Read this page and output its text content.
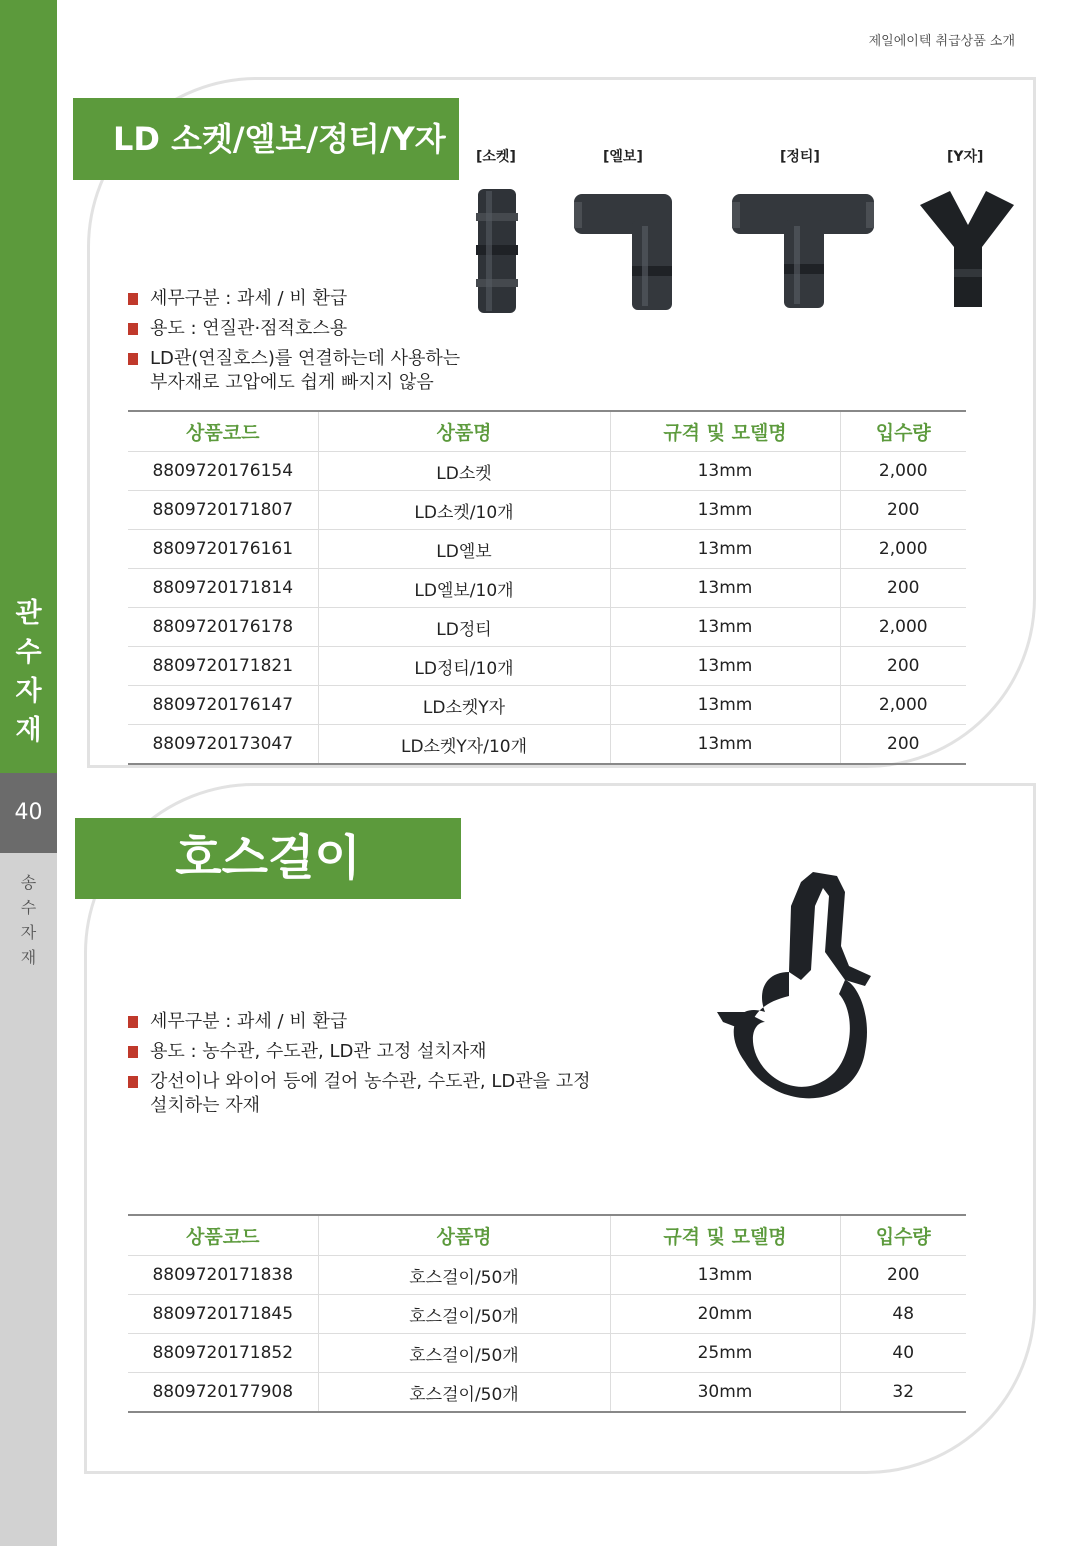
관
수
자
재
40
송
수
자
재
제일에이텍 취급상품 소개
LD 소켓/엘보/정티/Y자	[소켓]	[엘보]	[정티]	[Y자]
세무구분 : 과세 / 비 환급
용도 : 연질관·점적호스용
LD관(연질호스)를 연결하는데 사용하는
부자재로 고압에도 쉽게 빠지지 않음
상품코드	상품명	규격 및 모델명	입수량
8809720176154	LD소켓	13mm	2,000
8809720171807	LD소켓/10개	13mm	200
8809720176161	LD엘보	13mm	2,000
8809720171814	LD엘보/10개	13mm	200
8809720176178	LD정티	13mm	2,000
8809720171821	LD정티/10개	13mm	200
8809720176147	LD소켓Y자	13mm	2,000
8809720173047	LD소켓Y자/10개	13mm	200
호스걸이
세무구분 : 과세 / 비 환급
용도 : 농수관, 수도관, LD관 고정 설치자재
강선이나 와이어 등에 걸어 농수관, 수도관, LD관을 고정
설치하는 자재
상품코드	상품명	규격 및 모델명	입수량
8809720171838	호스걸이/50개	13mm	200
8809720171845	호스걸이/50개	20mm	48
8809720171852	호스걸이/50개	25mm	40
8809720177908	호스걸이/50개	30mm	32
